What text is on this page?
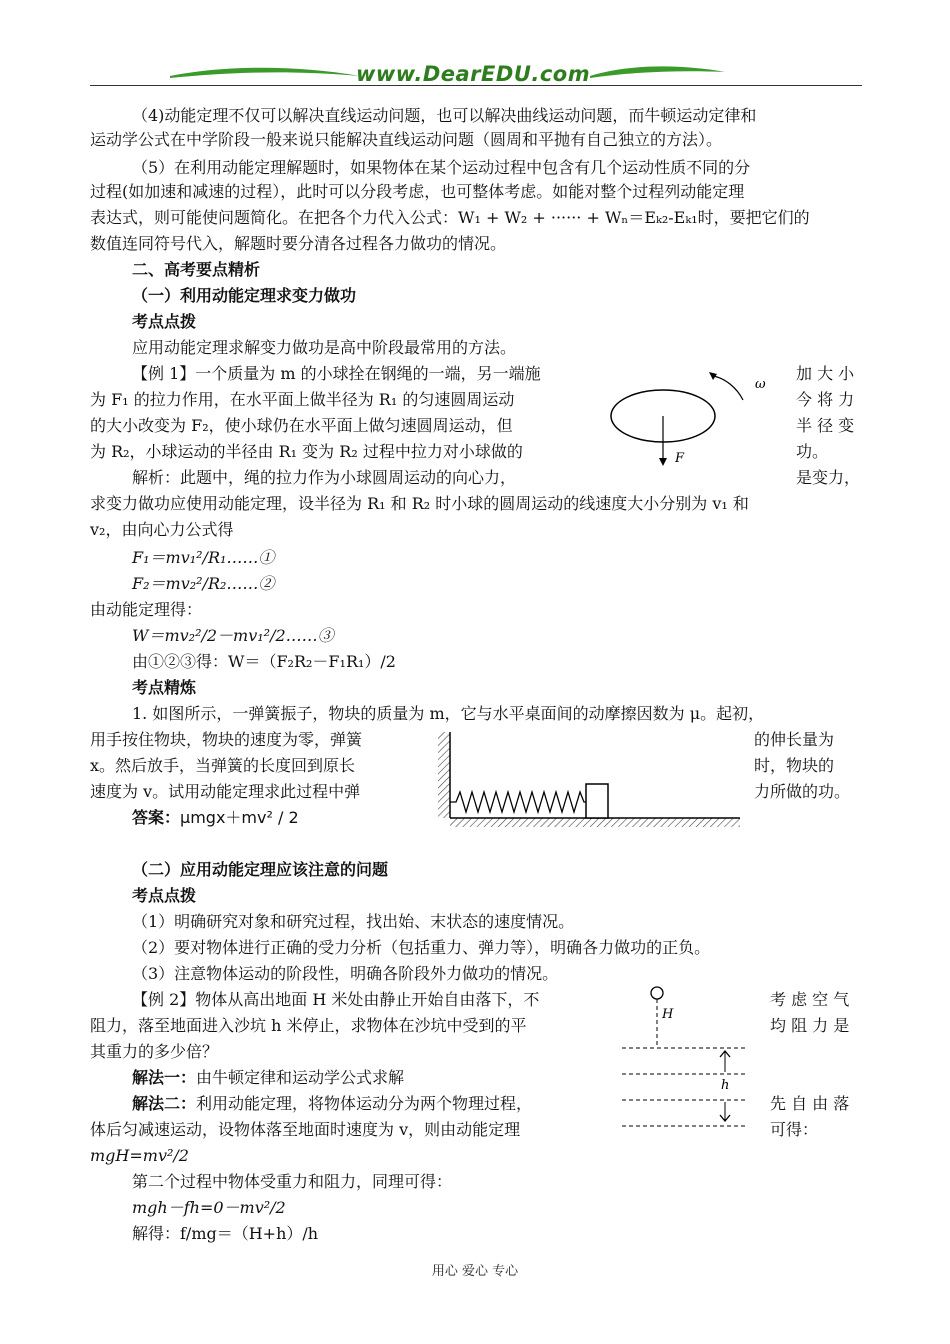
www.DearEDU.com
（4)动能定理不仅可以解决直线运动问题，也可以解决曲线运动问题，而牛顿运动定律和
运动学公式在中学阶段一般来说只能解决直线运动问题（圆周和平抛有自己独立的方法）。
（5）在利用动能定理解题时，如果物体在某个运动过程中包含有几个运动性质不同的分
过程(如加速和减速的过程），此时可以分段考虑，也可整体考虑。如能对整个过程列动能定理
表达式，则可能使问题简化。在把各个力代入公式：W₁ + W₂ + ······ + Wₙ＝Eₖ₂-Eₖ₁时，要把它们的
数值连同符号代入，解题时要分清各过程各力做功的情况。
二、高考要点精析
（一）利用动能定理求变力做功
考点点拨
应用动能定理求解变力做功是高中阶段最常用的方法。
【例 1】一个质量为 m 的小球拴在钢绳的一端，另一端施
为 F₁ 的拉力作用，在水平面上做半径为 R₁ 的匀速圆周运动
的大小改变为 F₂，使小球仍在水平面上做匀速圆周运动，但
为 R₂，小球运动的半径由 R₁ 变为 R₂ 过程中拉力对小球做的
解析：此题中，绳的拉力作为小球圆周运动的向心力，
加 大 小
今 将 力
半 径 变
功。
是变力，
ω
F
求变力做功应使用动能定理，设半径为 R₁ 和 R₂ 时小球的圆周运动的线速度大小分别为 v₁ 和
v₂，由向心力公式得
F₁＝mv₁²/R₁……①
F₂＝mv₂²/R₂……②
由动能定理得：
W＝mv₂²/2－mv₁²/2……③
由①②③得：W＝（F₂R₂－F₁R₁）/2
考点精炼
1. 如图所示，一弹簧振子，物块的质量为 m，它与水平桌面间的动摩擦因数为 μ。起初，
用手按住物块，物块的速度为零，弹簧
x。然后放手，当弹簧的长度回到原长
速度为 v。试用动能定理求此过程中弹
的伸长量为
时，物块的
力所做的功。
答案：μmgx＋mv² / 2
（二）应用动能定理应该注意的问题
考点点拨
（1）明确研究对象和研究过程，找出始、末状态的速度情况。
（2）要对物体进行正确的受力分析（包括重力、弹力等），明确各力做功的正负。
（3）注意物体运动的阶段性，明确各阶段外力做功的情况。
【例 2】物体从高出地面 H 米处由静止开始自由落下，不
阻力，落至地面进入沙坑 h 米停止，求物体在沙坑中受到的平
其重力的多少倍？
考 虑 空 气
均 阻 力 是
解法一：由牛顿定律和运动学公式求解
解法二：利用动能定理，将物体运动分为两个物理过程，	先 自 由 落
体后匀减速运动，设物体落至地面时速度为 v，则由动能定理	可得：
mgH=mv²/2
第二个过程中物体受重力和阻力，同理可得：
mgh－fh=0－mv²/2
解得：f/mg＝（H+h）/h
H
h
用心 爱心 专心
